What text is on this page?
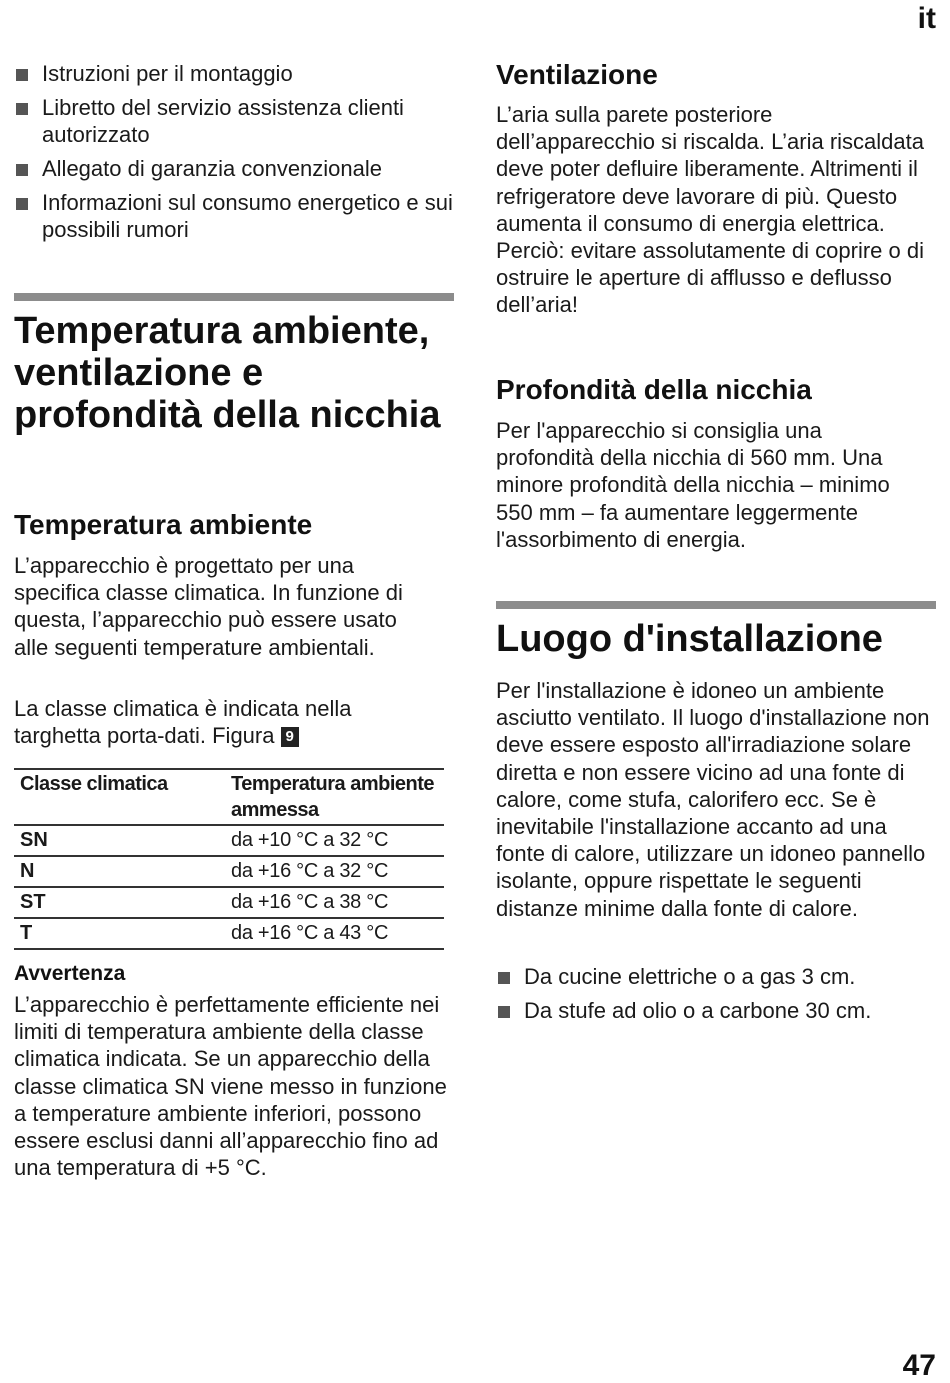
it
Istruzioni per il montaggio
Libretto del servizio assistenza clienti autorizzato
Allegato di garanzia convenzionale
Informazioni sul consumo energetico e sui possibili rumori
Temperatura ambiente, ventilazione e profondità della nicchia
Temperatura ambiente

L’apparecchio è progettato per una specifica classe climatica. In funzione di questa, l’apparecchio può essere usato alle seguenti temperature ambientali.

La classe climatica è indicata nella targhetta porta-dati. Figura 9

Classe climatica	Temperatura ambiente ammessa
SN	da +10 °C a 32 °C
N	da +16 °C a 32 °C
ST	da +16 °C a 38 °C
T	da +16 °C a 43 °C
Avvertenza

L’apparecchio è perfettamente efficiente nei limiti di temperatura ambiente della classe climatica indicata. Se un apparecchio della classe climatica SN viene messo in funzione a temperature ambiente inferiori, possono essere esclusi danni all’apparecchio fino ad una temperatura di +5 °C.

Ventilazione

L’aria sulla parete posteriore dell’apparecchio si riscalda. L’aria riscaldata deve poter defluire liberamente. Altrimenti il refrigeratore deve lavorare di più. Questo aumenta il consumo di energia elettrica. Perciò: evitare assolutamente di coprire o di ostruire le aperture di afflusso e deflusso dell’aria!

Profondità della nicchia

Per l'apparecchio si consiglia una profondità della nicchia di 560 mm. Una minore profondità della nicchia – minimo 550 mm – fa aumentare leggermente l'assorbimento di energia.

Luogo d'installazione

Per l'installazione è idoneo un ambiente asciutto ventilato. Il luogo d'installazione non deve essere esposto all'irradiazione solare diretta e non essere vicino ad una fonte di calore, come stufa, calorifero ecc. Se è inevitabile l'installazione accanto ad una fonte di calore, utilizzare un idoneo pannello isolante, oppure rispettate le seguenti distanze minime dalla fonte di calore.

Da cucine elettriche o a gas 3 cm.
Da stufe ad olio o a carbone 30 cm.
47
